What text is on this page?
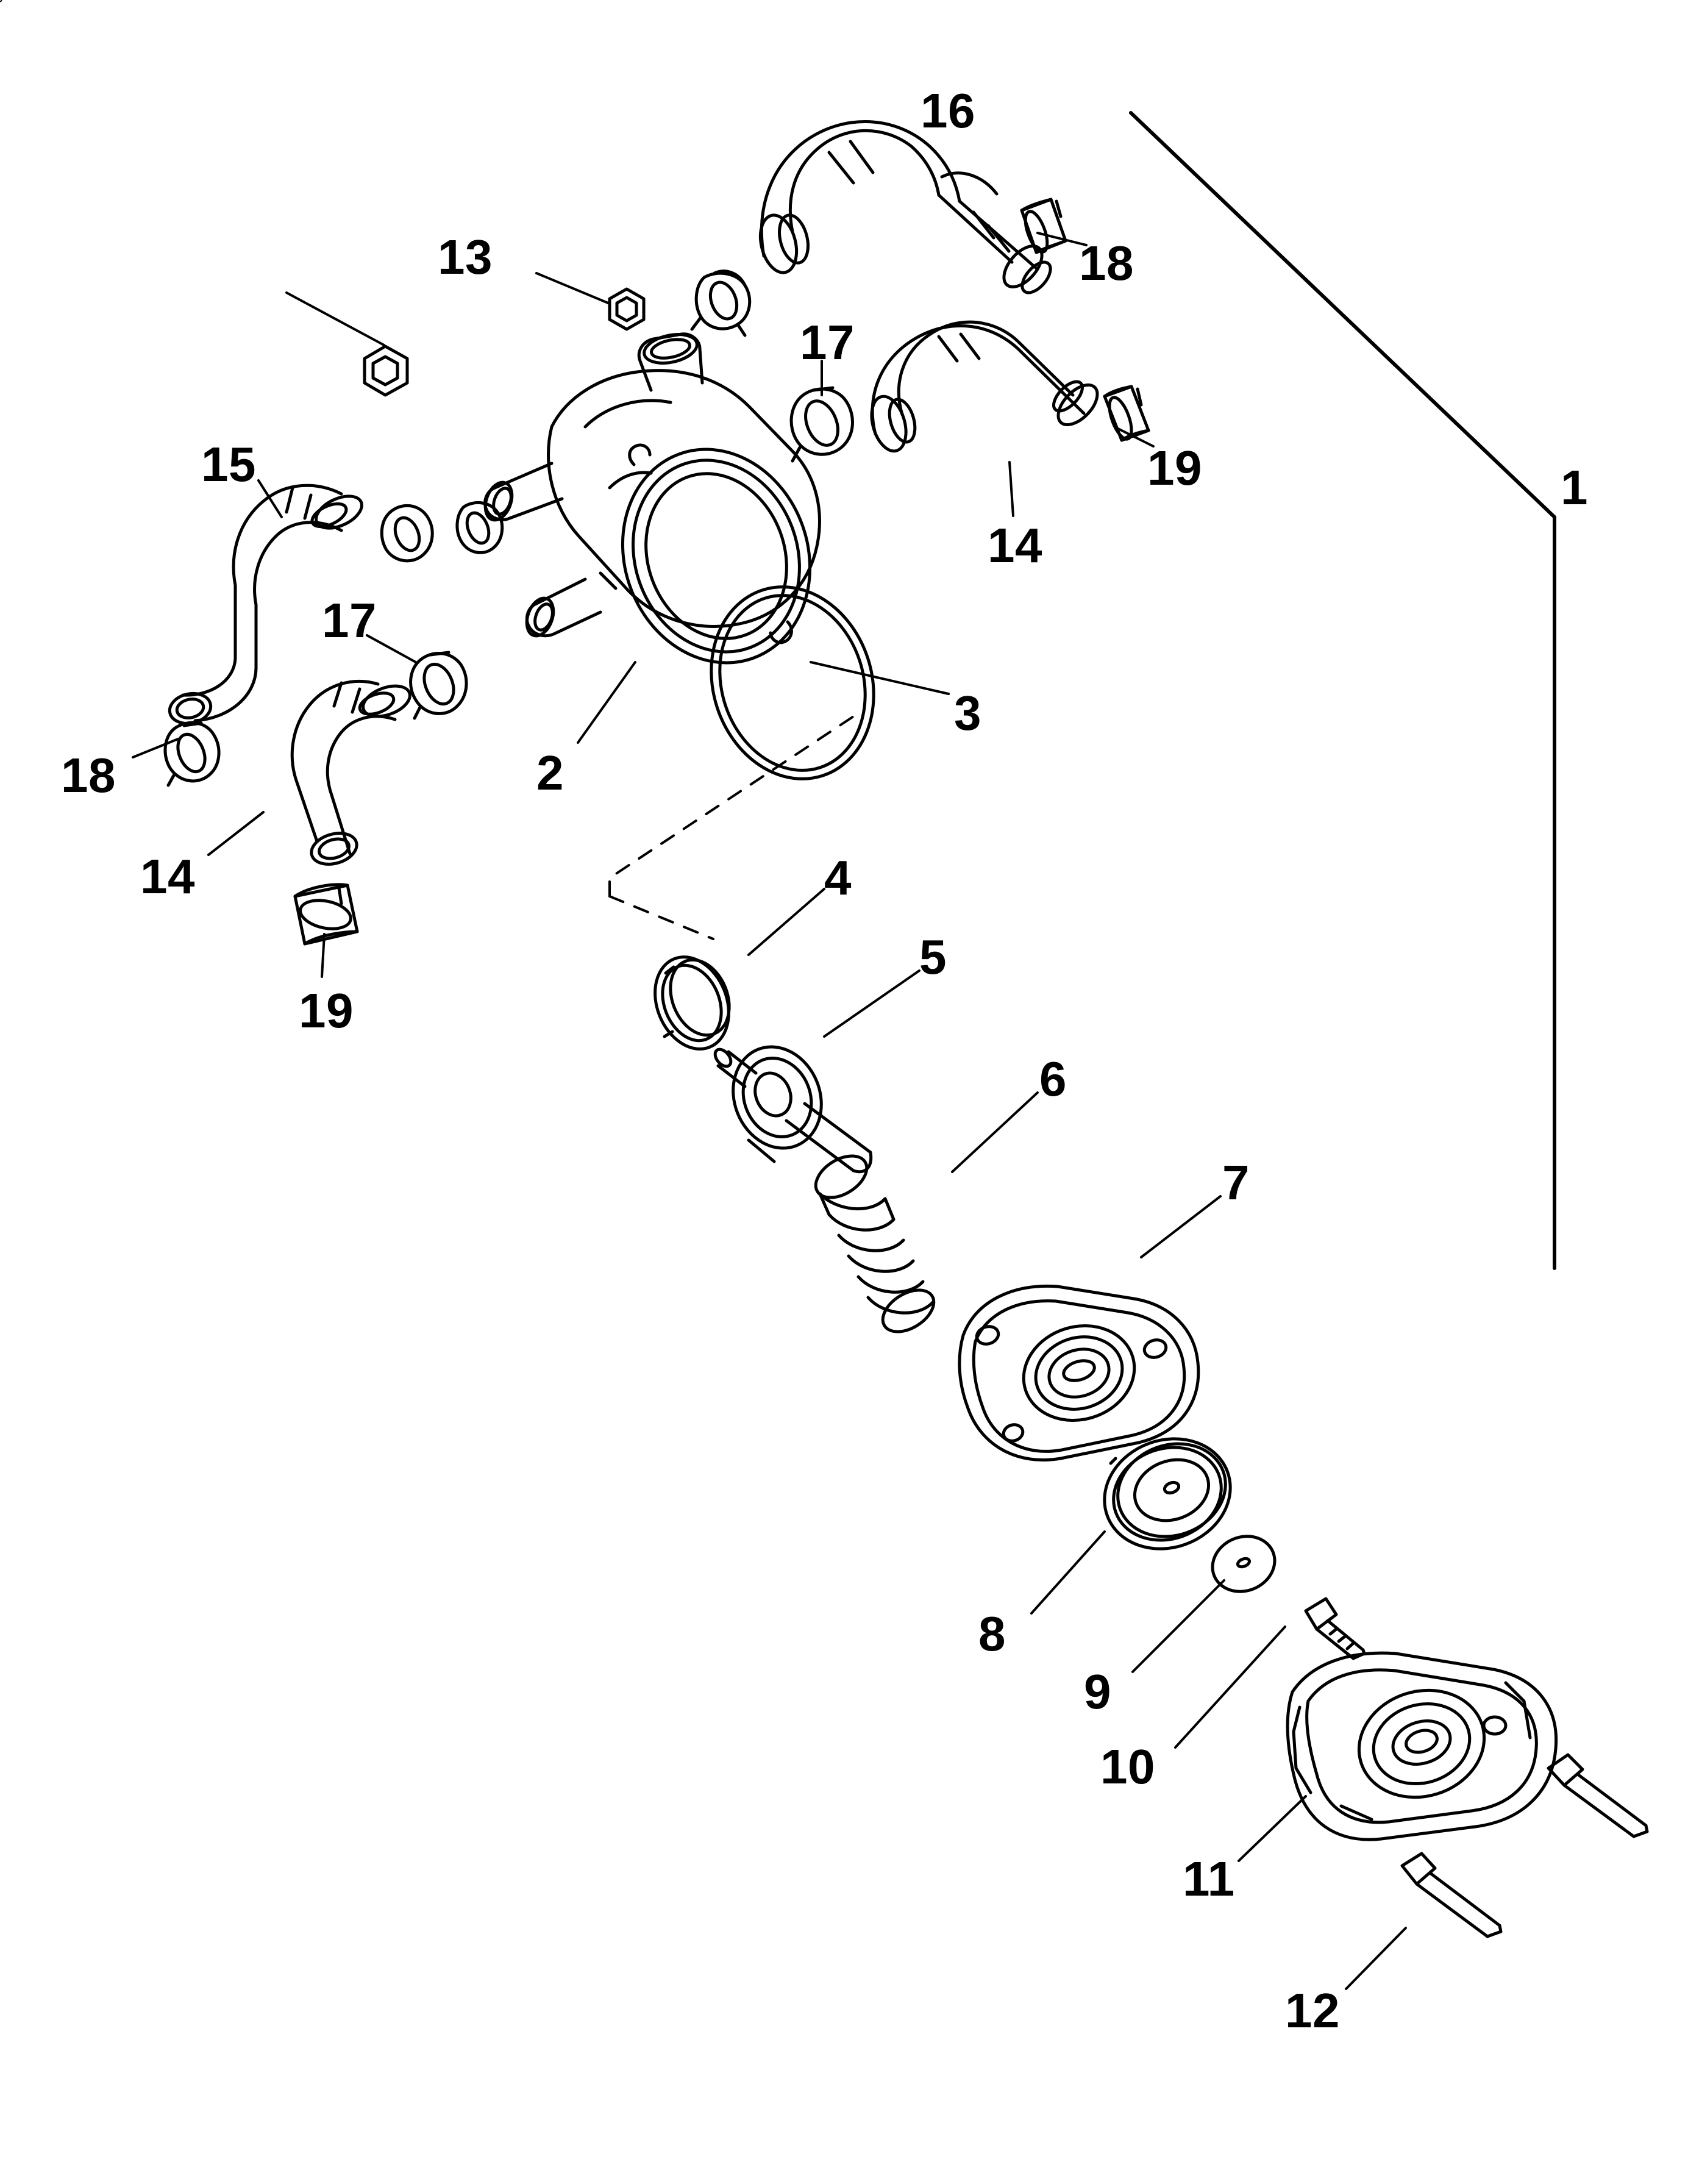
1
2
3
4
5
6
7
8
9
10
11
12
13
14
15
16
17
17
18
18
19
19
14
